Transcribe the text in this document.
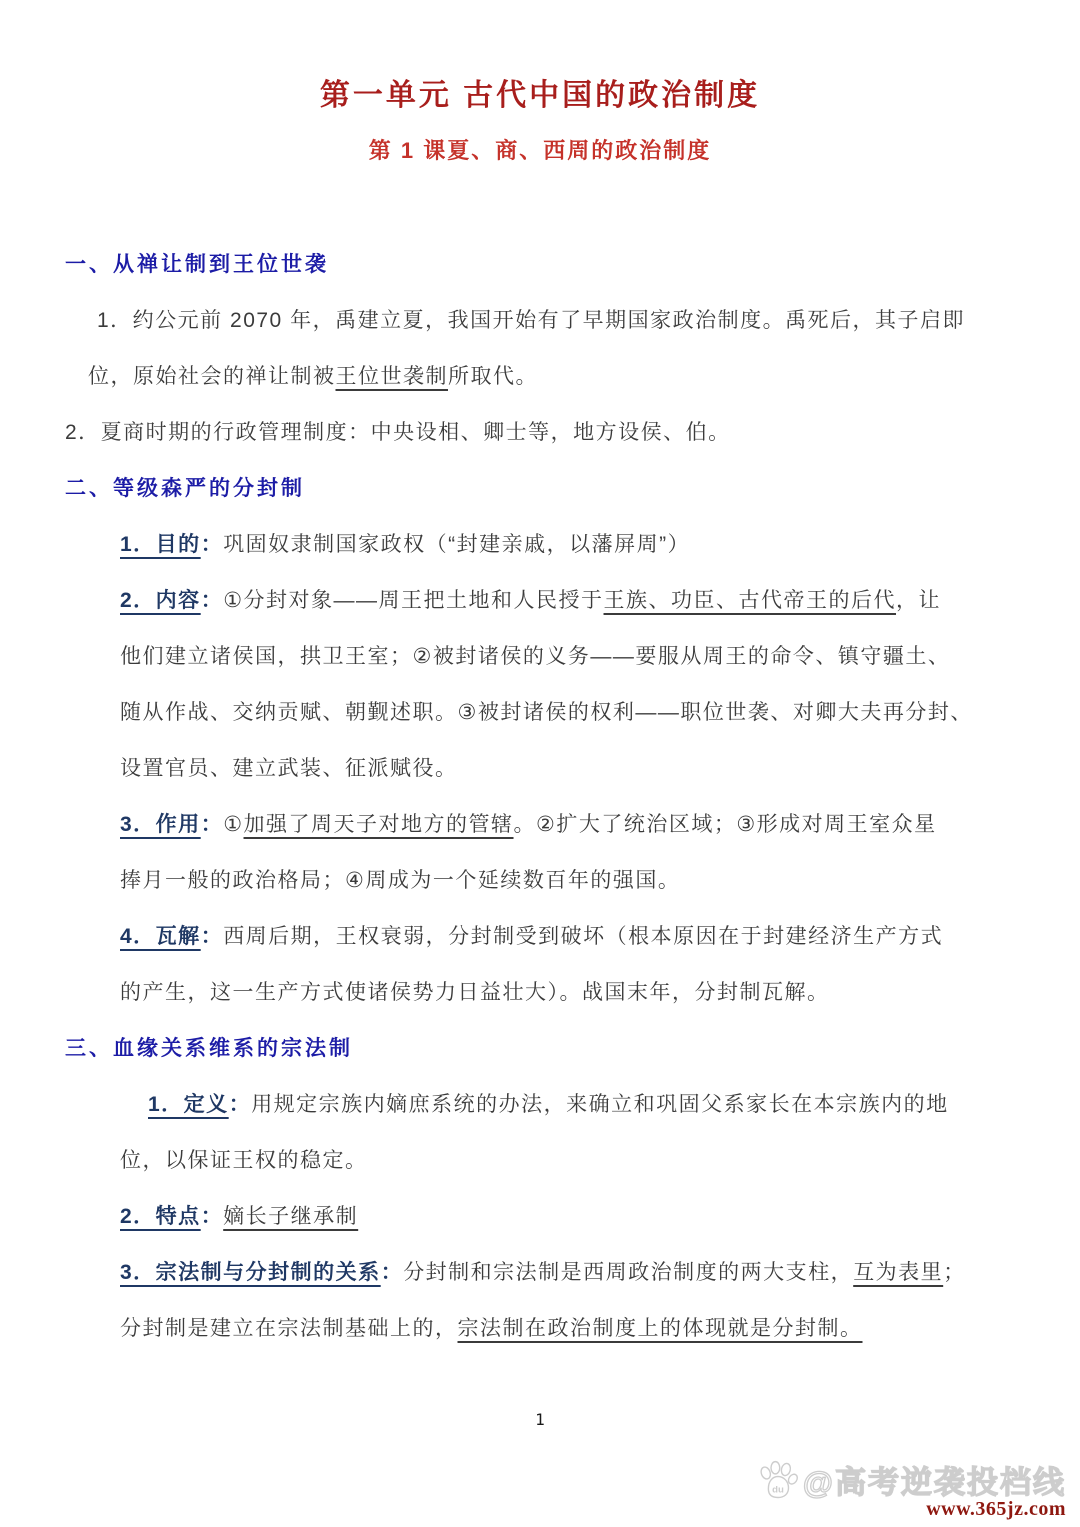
第一单元 古代中国的政治制度
第 1 课夏、商、西周的政治制度
一、从禅让制到王位世袭
1．约公元前 2070 年，禹建立夏，我国开始有了早期国家政治制度。禹死后，其子启即
位，原始社会的禅让制被王位世袭制所取代。
2．夏商时期的行政管理制度：中央设相、卿士等，地方设侯、伯。
二、等级森严的分封制
1．目的：巩固奴隶制国家政权（“封建亲戚，以藩屏周”）
2．内容：①分封对象——周王把土地和人民授于王族、功臣、古代帝王的后代，让
他们建立诸侯国，拱卫王室；②被封诸侯的义务——要服从周王的命令、镇守疆土、
随从作战、交纳贡赋、朝觐述职。③被封诸侯的权利——职位世袭、对卿大夫再分封、
设置官员、建立武装、征派赋役。
3．作用：①加强了周天子对地方的管辖。②扩大了统治区域；③形成对周王室众星
捧月一般的政治格局；④周成为一个延续数百年的强国。
4．瓦解：西周后期，王权衰弱，分封制受到破坏（根本原因在于封建经济生产方式
的产生，这一生产方式使诸侯势力日益壮大）。战国末年，分封制瓦解。
三、血缘关系维系的宗法制
1．定义：用规定宗族内嫡庶系统的办法，来确立和巩固父系家长在本宗族内的地
位，以保证王权的稳定。
2．特点：嫡长子继承制
3．宗法制与分封制的关系：分封制和宗法制是西周政治制度的两大支柱，互为表里；
分封制是建立在宗法制基础上的，宗法制在政治制度上的体现就是分封制。
1
du @高考逆袭投档线
www.365jz.com
